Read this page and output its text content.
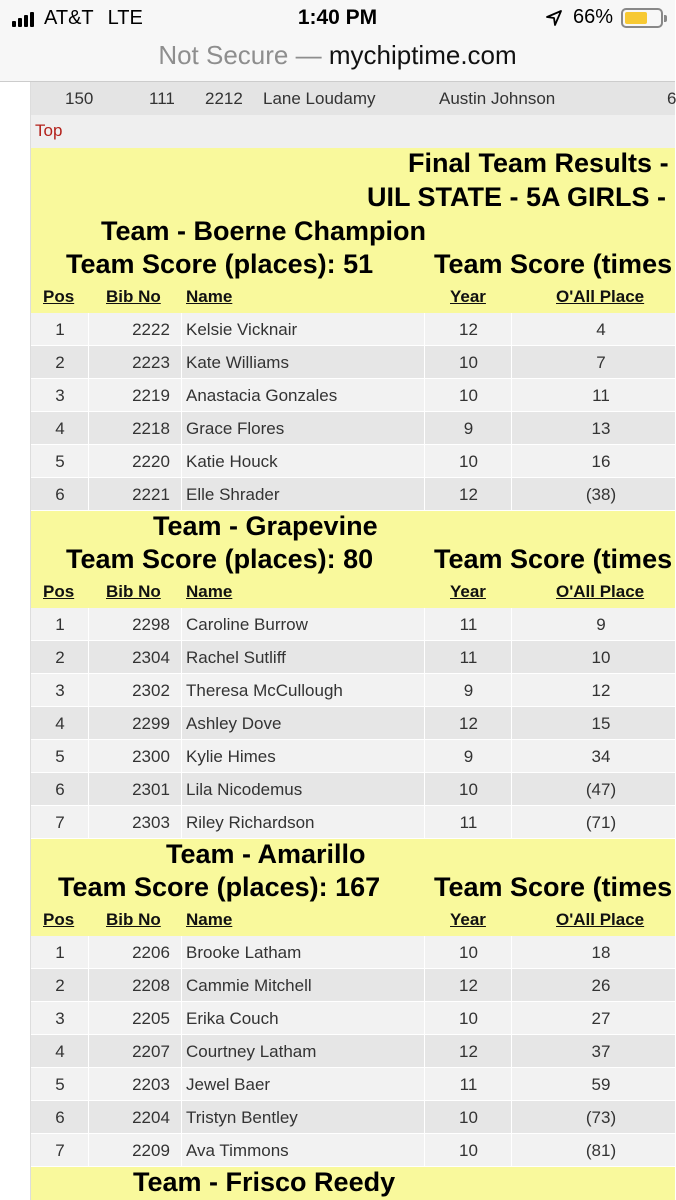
AT&T LTE	1:40 PM	66%
Not Secure — mychiptime.com
150	111 2212 Lane Loudamy	Austin Johnson	6
Top
Final Team Results -
UIL STATE - 5A GIRLS -
Team - Boerne Champion
Team Score (places): 51 Team Score (times
Pos Bib No Name	Year	O'All Place
1	2222 Kelsie Vicknair	12	4
2	2223 Kate Williams	10	7
3	2219 Anastacia Gonzales	10	11
4	2218 Grace Flores	9	13
5	2220 Katie Houck	10	16
6	2221 Elle Shrader	12	(38)
Team - Grapevine
Team Score (places): 80 Team Score (times
Pos Bib No Name	Year	O'All Place
1	2298 Caroline Burrow	11	9
2	2304 Rachel Sutliff	11	10
3	2302 Theresa McCullough	9	12
4	2299 Ashley Dove	12	15
5	2300 Kylie Himes	9	34
6	2301 Lila Nicodemus	10	(47)
7	2303 Riley Richardson	11	(71)
Team - Amarillo
Team Score (places): 167 Team Score (times
Pos Bib No Name	Year	O'All Place
1	2206 Brooke Latham	10	18
2	2208 Cammie Mitchell	12	26
3	2205 Erika Couch	10	27
4	2207 Courtney Latham	12	37
5	2203 Jewel Baer	11	59
6	2204 Tristyn Bentley	10	(73)
7	2209 Ava Timmons	10	(81)
Team - Frisco Reedy
